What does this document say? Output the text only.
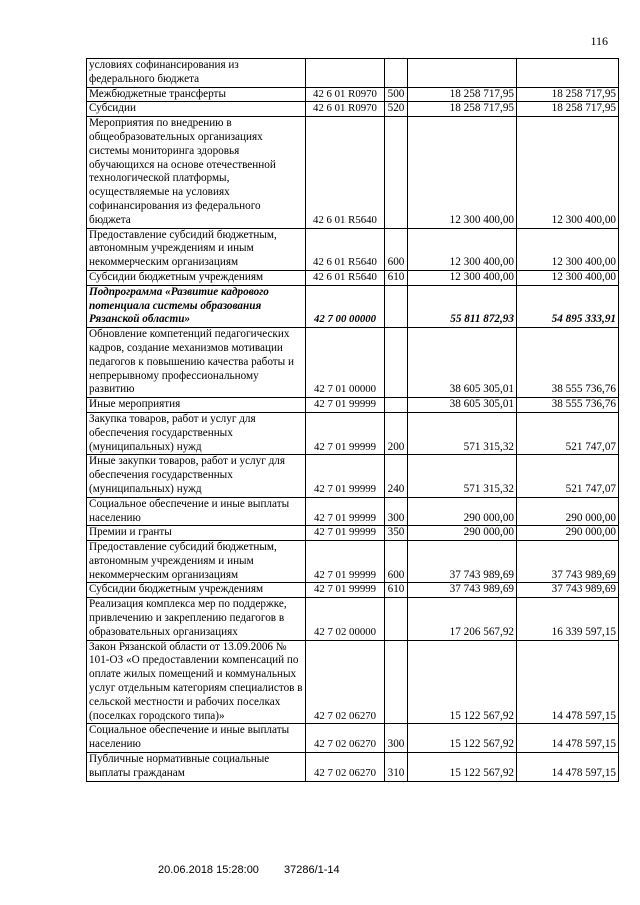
116
условиях софинансирования из федерального бюджета				
Межбюджетные трансферты	42 6 01 R0970	500	18 258 717,95	18 258 717,95
Субсидии	42 6 01 R0970	520	18 258 717,95	18 258 717,95
Мероприятия по внедрению в общеобразовательных организациях системы мониторинга здоровья обучающихся на основе отечественной технологической платформы, осуществляемые на условиях софинансирования из федерального бюджета	42 6 01 R5640		12 300 400,00	12 300 400,00
Предоставление субсидий бюджетным, автономным учреждениям и иным некоммерческим организациям	42 6 01 R5640	600	12 300 400,00	12 300 400,00
Субсидии бюджетным учреждениям	42 6 01 R5640	610	12 300 400,00	12 300 400,00
Подпрограмма «Развитие кадрового потенциала системы образования Рязанской области»	42 7 00 00000		55 811 872,93	54 895 333,91
Обновление компетенций педагогических кадров, создание механизмов мотивации педагогов к повышению качества работы и непрерывному профессиональному развитию	42 7 01 00000		38 605 305,01	38 555 736,76
Иные мероприятия	42 7 01 99999		38 605 305,01	38 555 736,76
Закупка товаров, работ и услуг для обеспечения государственных (муниципальных) нужд	42 7 01 99999	200	571 315,32	521 747,07
Иные закупки товаров, работ и услуг для обеспечения государственных (муниципальных) нужд	42 7 01 99999	240	571 315,32	521 747,07
Социальное обеспечение и иные выплаты населению	42 7 01 99999	300	290 000,00	290 000,00
Премии и гранты	42 7 01 99999	350	290 000,00	290 000,00
Предоставление субсидий бюджетным, автономным учреждениям и иным некоммерческим организациям	42 7 01 99999	600	37 743 989,69	37 743 989,69
Субсидии бюджетным учреждениям	42 7 01 99999	610	37 743 989,69	37 743 989,69
Реализация комплекса мер по поддержке, привлечению и закреплению педагогов в образовательных организациях	42 7 02 00000		17 206 567,92	16 339 597,15
Закон Рязанской области от 13.09.2006 № 101-ОЗ «О предоставлении компенсаций по оплате жилых помещений и коммунальных услуг отдельным категориям специалистов в сельской местности и рабочих поселках (поселках городского типа)»	42 7 02 06270		15 122 567,92	14 478 597,15
Социальное обеспечение и иные выплаты населению	42 7 02 06270	300	15 122 567,92	14 478 597,15
Публичные нормативные социальные выплаты гражданам	42 7 02 06270	310	15 122 567,92	14 478 597,15
20.06.2018 15:28:00 37286/1-14
